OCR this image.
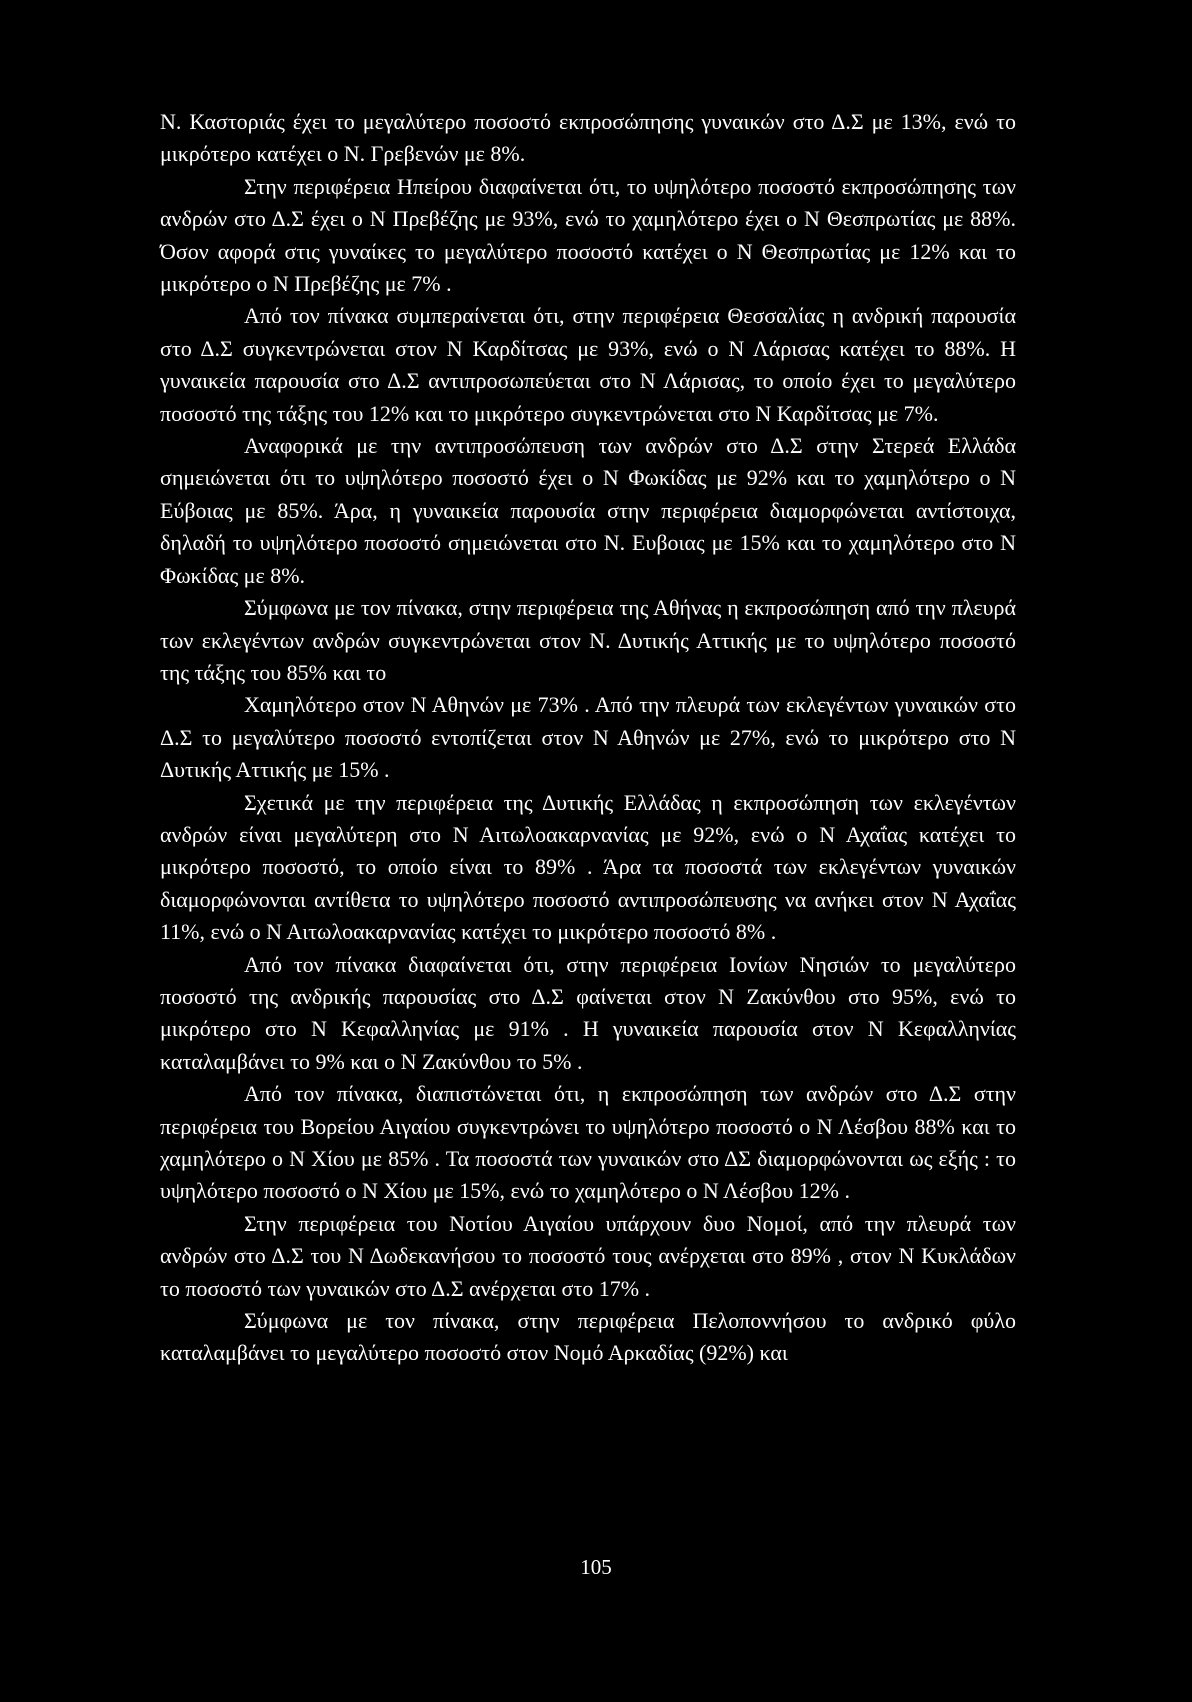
Ν. Καστοριάς έχει το μεγαλύτερο ποσοστό εκπροσώπησης γυναικών στο Δ.Σ με 13%, ενώ το μικρότερο κατέχει ο Ν. Γρεβενών με 8%.

Στην περιφέρεια Ηπείρου διαφαίνεται ότι, το υψηλότερο ποσοστό εκπροσώπησης των ανδρών στο Δ.Σ έχει ο Ν Πρεβέζης με 93%, ενώ το χαμηλότερο έχει ο Ν Θεσπρωτίας με 88%. Όσον αφορά στις γυναίκες το μεγαλύτερο ποσοστό κατέχει ο Ν Θεσπρωτίας με 12% και το μικρότερο ο Ν Πρεβέζης με 7% .

Από τον πίνακα συμπεραίνεται ότι, στην περιφέρεια Θεσσαλίας η ανδρική παρουσία στο Δ.Σ συγκεντρώνεται στον Ν Καρδίτσας με 93%, ενώ ο Ν Λάρισας κατέχει το 88%. Η γυναικεία παρουσία στο Δ.Σ αντιπροσωπεύεται στο Ν Λάρισας, το οποίο έχει το μεγαλύτερο ποσοστό της τάξης του 12% και το μικρότερο συγκεντρώνεται στο Ν Καρδίτσας με 7%.

Αναφορικά με την αντιπροσώπευση των ανδρών στο Δ.Σ στην Στερεά Ελλάδα σημειώνεται ότι το υψηλότερο ποσοστό έχει ο Ν Φωκίδας με 92% και το χαμηλότερο ο Ν Εύβοιας με 85%. Άρα, η γυναικεία παρουσία στην περιφέρεια διαμορφώνεται αντίστοιχα, δηλαδή το υψηλότερο ποσοστό σημειώνεται στο Ν. Ευβοιας με 15% και το χαμηλότερο στο Ν Φωκίδας με 8%.

Σύμφωνα με τον πίνακα, στην περιφέρεια της Αθήνας η εκπροσώπηση από την πλευρά των εκλεγέντων ανδρών συγκεντρώνεται στον Ν. Δυτικής Αττικής με το υψηλότερο ποσοστό της τάξης του 85% και το

Χαμηλότερο στον Ν Αθηνών με 73% . Από την πλευρά των εκλεγέντων γυναικών στο Δ.Σ το μεγαλύτερο ποσοστό εντοπίζεται στον Ν Αθηνών με 27%, ενώ το μικρότερο στο Ν Δυτικής Αττικής με 15% .

Σχετικά με την περιφέρεια της Δυτικής Ελλάδας η εκπροσώπηση των εκλεγέντων ανδρών είναι μεγαλύτερη στο Ν Αιτωλοακαρνανίας με 92%, ενώ ο Ν Αχαΐας κατέχει το μικρότερο ποσοστό, το οποίο είναι το 89% . Άρα τα ποσοστά των εκλεγέντων γυναικών διαμορφώνονται αντίθετα το υψηλότερο ποσοστό αντιπροσώπευσης να ανήκει στον Ν Αχαΐας 11%, ενώ ο Ν Αιτωλοακαρνανίας κατέχει το μικρότερο ποσοστό 8% .

Από τον πίνακα διαφαίνεται ότι, στην περιφέρεια Ιονίων Νησιών το μεγαλύτερο ποσοστό της ανδρικής παρουσίας στο Δ.Σ φαίνεται στον Ν Ζακύνθου στο 95%, ενώ το μικρότερο στο Ν Κεφαλληνίας με 91% . Η γυναικεία παρουσία στον Ν Κεφαλληνίας καταλαμβάνει το 9% και ο Ν Ζακύνθου το 5% .

Από τον πίνακα, διαπιστώνεται ότι, η εκπροσώπηση των ανδρών στο Δ.Σ στην περιφέρεια του Βορείου Αιγαίου συγκεντρώνει το υψηλότερο ποσοστό ο Ν Λέσβου 88% και το χαμηλότερο ο Ν Χίου με 85% . Τα ποσοστά των γυναικών στο ΔΣ διαμορφώνονται ως εξής : το υψηλότερο ποσοστό ο Ν Χίου με 15%, ενώ το χαμηλότερο ο Ν Λέσβου 12% .

Στην περιφέρεια του Νοτίου Αιγαίου υπάρχουν δυο Νομοί, από την πλευρά των ανδρών στο Δ.Σ του Ν Δωδεκανήσου το ποσοστό τους ανέρχεται στο 89% , στον Ν Κυκλάδων το ποσοστό των γυναικών στο Δ.Σ ανέρχεται στο 17% .

Σύμφωνα με τον πίνακα, στην περιφέρεια Πελοποννήσου το ανδρικό φύλο καταλαμβάνει το μεγαλύτερο ποσοστό στον Νομό Αρκαδίας (92%) και

105
